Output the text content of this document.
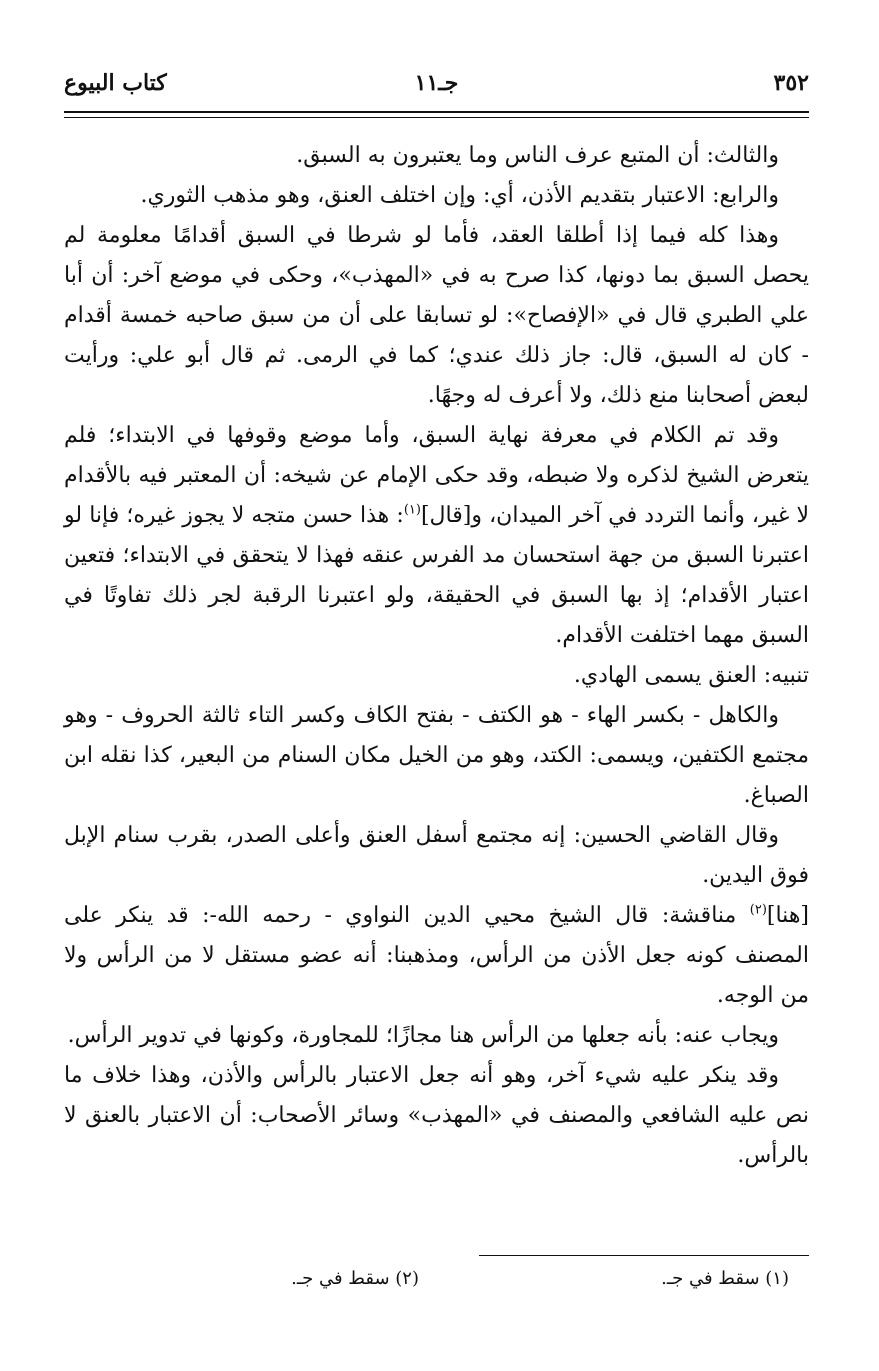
٣٥٢
جـ١١
كتاب البيوع

والثالث: أن المتبع عرف الناس وما يعتبرون به السبق.

والرابع: الاعتبار بتقديم الأذن، أي: وإن اختلف العنق، وهو مذهب الثوري.

وهذا كله فيما إذا أطلقا العقد، فأما لو شرطا في السبق أقدامًا معلومة لم يحصل السبق بما دونها، كذا صرح به في «المهذب»، وحكى في موضع آخر: أن أبا علي الطبري قال في «الإفصاح»: لو تسابقا على أن من سبق صاحبه خمسة أقدام - كان له السبق، قال: جاز ذلك عندي؛ كما في الرمى. ثم قال أبو علي: ورأيت لبعض أصحابنا منع ذلك، ولا أعرف له وجهًا.

وقد تم الكلام في معرفة نهاية السبق، وأما موضع وقوفها في الابتداء؛ فلم يتعرض الشيخ لذكره ولا ضبطه، وقد حكى الإمام عن شيخه: أن المعتبر فيه بالأقدام لا غير، وأنما التردد في آخر الميدان، و[قال]$^{(١)}$: هذا حسن متجه لا يجوز غيره؛ فإنا لو اعتبرنا السبق من جهة استحسان مد الفرس عنقه فهذا لا يتحقق في الابتداء؛ فتعين اعتبار الأقدام؛ إذ بها السبق في الحقيقة، ولو اعتبرنا الرقبة لجر ذلك تفاوتًا في السبق مهما اختلفت الأقدام.

تنبيه: العنق يسمى الهادي.

والكاهل - بكسر الهاء - هو الكتف - بفتح الكاف وكسر التاء ثالثة الحروف - وهو مجتمع الكتفين، ويسمى: الكتد، وهو من الخيل مكان السنام من البعير، كذا نقله ابن الصباغ.

وقال القاضي الحسين: إنه مجتمع أسفل العنق وأعلى الصدر، بقرب سنام الإبل فوق اليدين.

[هنا]$^{(٢)}$ مناقشة: قال الشيخ محيي الدين النواوي - رحمه الله-: قد ينكر على المصنف كونه جعل الأذن من الرأس، ومذهبنا: أنه عضو مستقل لا من الرأس ولا من الوجه.

ويجاب عنه: بأنه جعلها من الرأس هنا مجازًا؛ للمجاورة، وكونها في تدوير الرأس.

وقد ينكر عليه شيء آخر، وهو أنه جعل الاعتبار بالرأس والأذن، وهذا خلاف ما نص عليه الشافعي والمصنف في «المهذب» وسائر الأصحاب: أن الاعتبار بالعنق لا بالرأس.

(١) سقط في جـ.
(٢) سقط في جـ.
